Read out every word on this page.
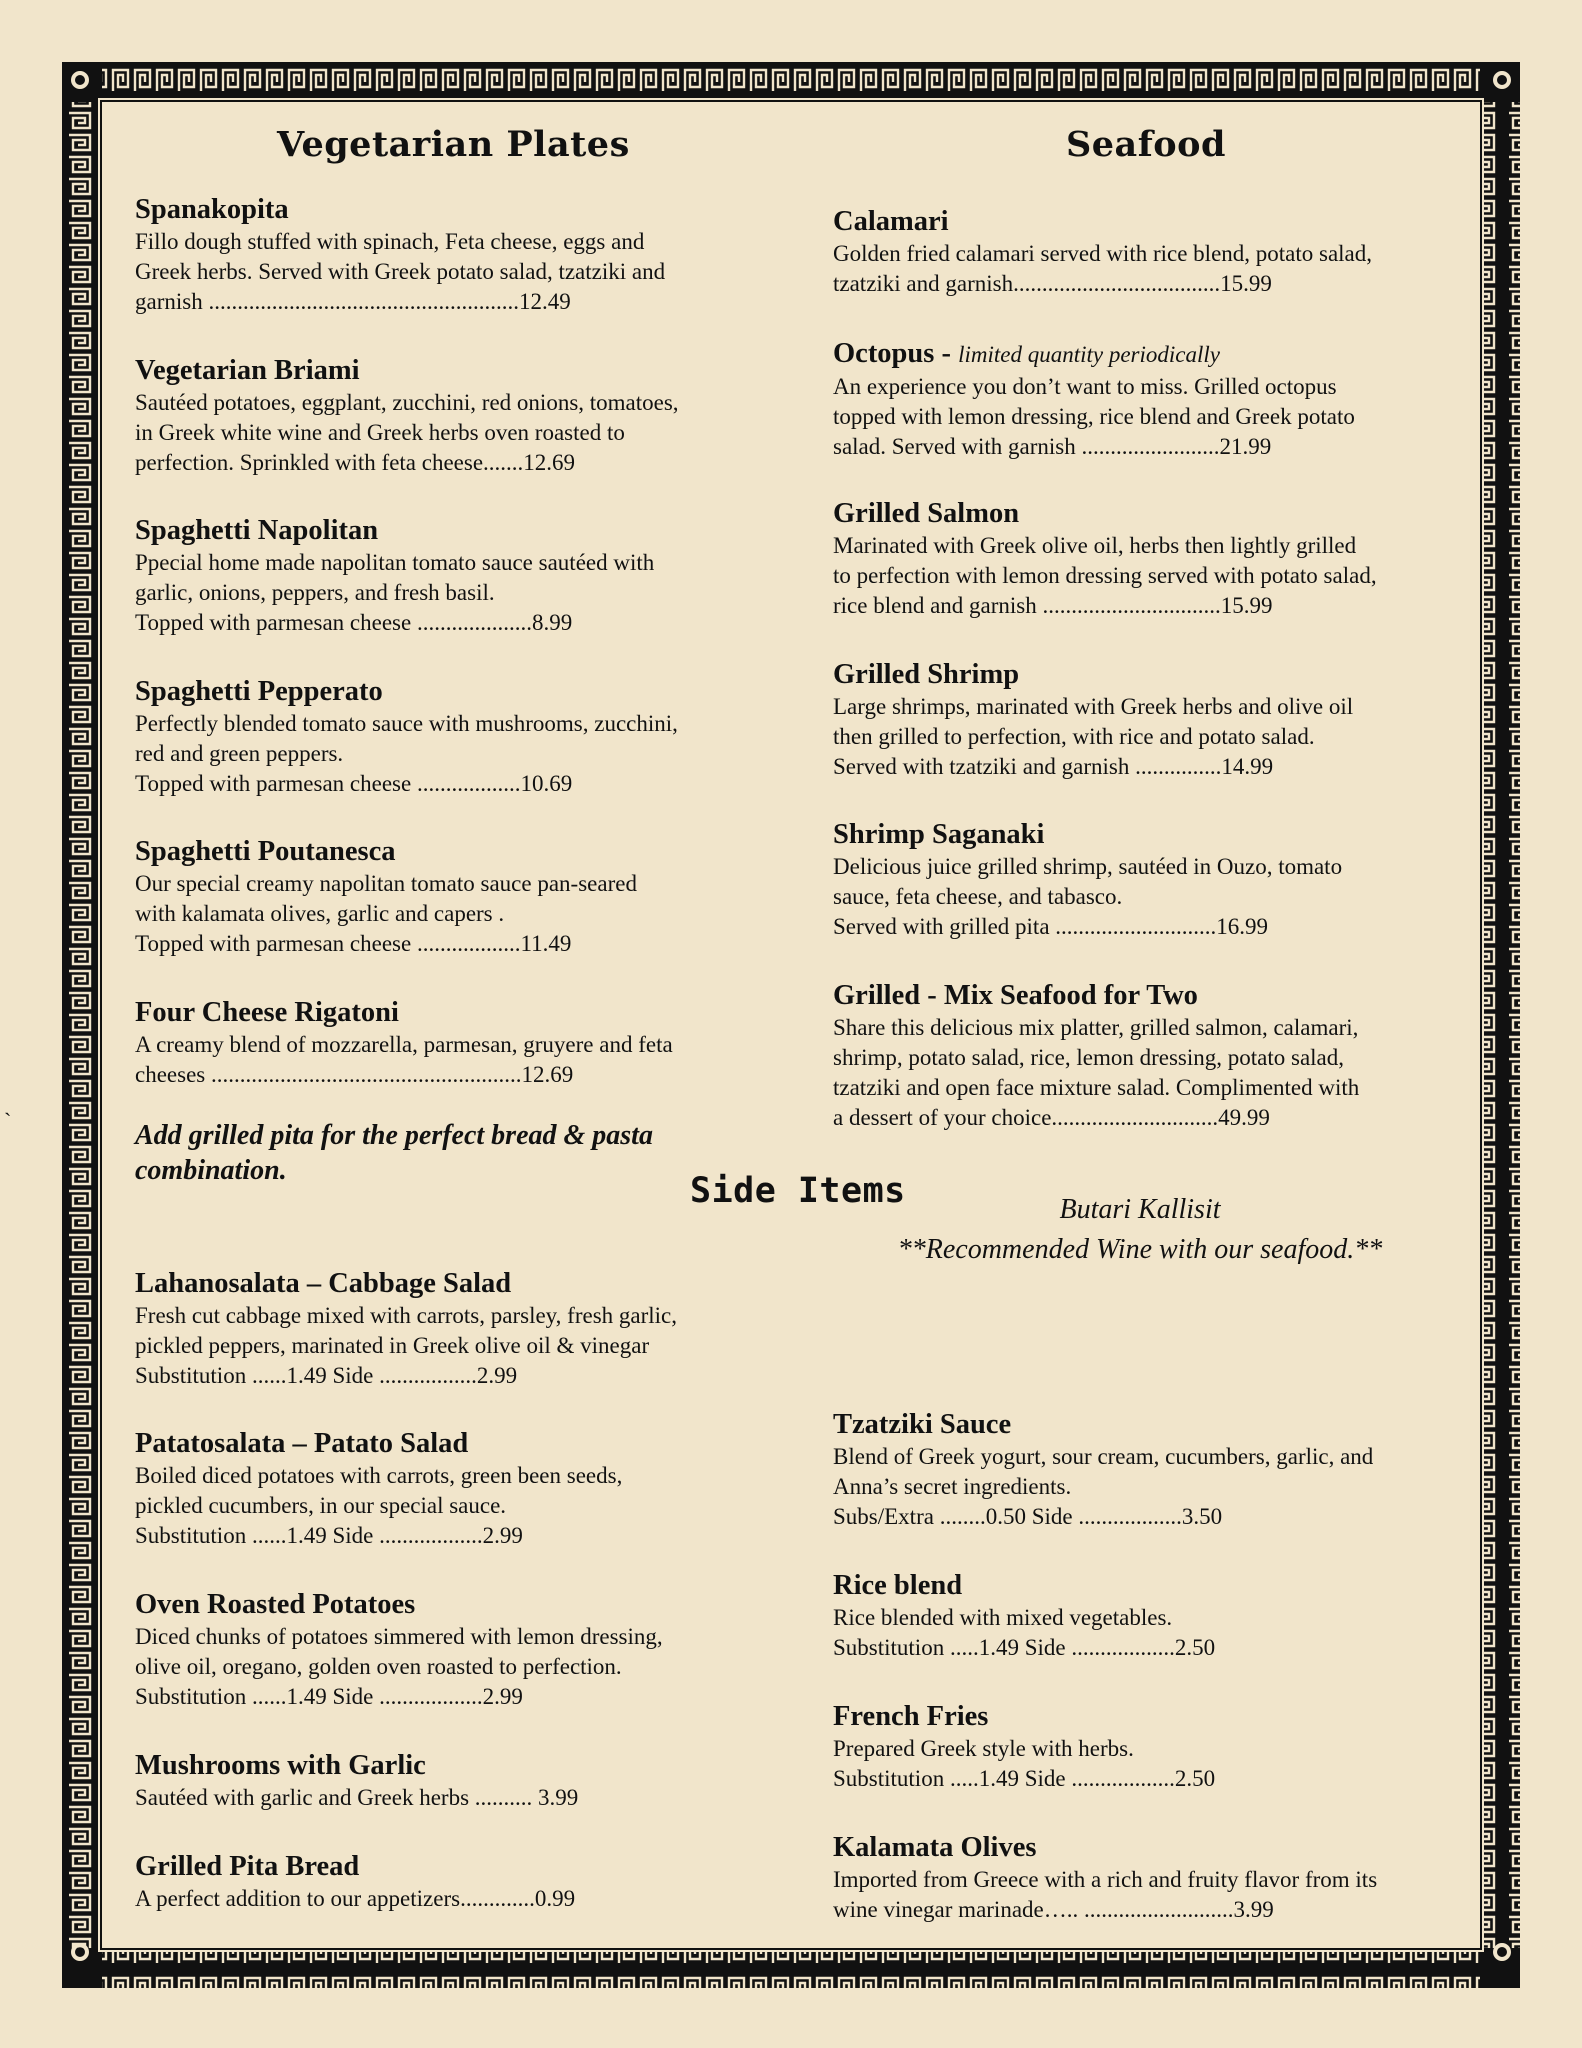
`
Vegetarian Plates
Spanakopita
Fillo dough stuffed with spinach, Feta cheese, eggs and
Greek herbs. Served with Greek potato salad, tzatziki and
garnish ......................................................12.49
Vegetarian Briami
Sautéed potatoes, eggplant, zucchini, red onions, tomatoes,
in Greek white wine and Greek herbs oven roasted to
perfection. Sprinkled with feta cheese.......12.69
Spaghetti Napolitan
Ppecial home made napolitan tomato sauce sautéed with
garlic, onions, peppers, and fresh basil.
Topped with parmesan cheese ....................8.99
Spaghetti Pepperato
Perfectly blended tomato sauce with mushrooms, zucchini,
red and green peppers.
Topped with parmesan cheese ..................10.69
Spaghetti Poutanesca
Our special creamy napolitan tomato sauce pan-seared
with kalamata olives, garlic and capers .
Topped with parmesan cheese ..................11.49
Four Cheese Rigatoni
A creamy blend of mozzarella, parmesan, gruyere and feta
cheeses ......................................................12.69
Add grilled pita for the perfect bread & pasta
combination.
Seafood
Calamari
Golden fried calamari served with rice blend, potato salad,
tzatziki and garnish....................................15.99
Octopus - limited quantity periodically
An experience you don’t want to miss. Grilled octopus
topped with lemon dressing, rice blend and Greek potato
salad. Served with garnish ........................21.99
Grilled Salmon
Marinated with Greek olive oil, herbs then lightly grilled
to perfection with lemon dressing served with potato salad,
rice blend and garnish ...............................15.99
Grilled Shrimp
Large shrimps, marinated with Greek herbs and olive oil
then grilled to perfection, with rice and potato salad.
Served with tzatziki and garnish ...............14.99
Shrimp Saganaki
Delicious juice grilled shrimp, sautéed in Ouzo, tomato
sauce, feta cheese, and tabasco.
Served with grilled pita ............................16.99
Grilled - Mix Seafood for Two
Share this delicious mix platter, grilled salmon, calamari,
shrimp, potato salad, rice, lemon dressing, potato salad,
tzatziki and open face mixture salad. Complimented with
a dessert of your choice.............................49.99
Butari Kallisit
**Recommended Wine with our seafood.**
Side Items
Lahanosalata – Cabbage Salad
Fresh cut cabbage mixed with carrots, parsley, fresh garlic,
pickled peppers, marinated in Greek olive oil & vinegar
Substitution ......1.49 Side .................2.99
Patatosalata – Patato Salad
Boiled diced potatoes with carrots, green been seeds,
pickled cucumbers, in our special sauce.
Substitution ......1.49 Side ..................2.99
Oven Roasted Potatoes
Diced chunks of potatoes simmered with lemon dressing,
olive oil, oregano, golden oven roasted to perfection.
Substitution ......1.49 Side ..................2.99
Mushrooms with Garlic
Sautéed with garlic and Greek herbs .......... 3.99
Grilled Pita Bread
A perfect addition to our appetizers.............0.99
Tzatziki Sauce
Blend of Greek yogurt, sour cream, cucumbers, garlic, and
Anna’s secret ingredients.
Subs/Extra ........0.50 Side ..................3.50
Rice blend
Rice blended with mixed vegetables.
Substitution .....1.49 Side ..................2.50
French Fries
Prepared Greek style with herbs.
Substitution .....1.49 Side ..................2.50
Kalamata Olives
Imported from Greece with a rich and fruity flavor from its
wine vinegar marinade….. ..........................3.99
